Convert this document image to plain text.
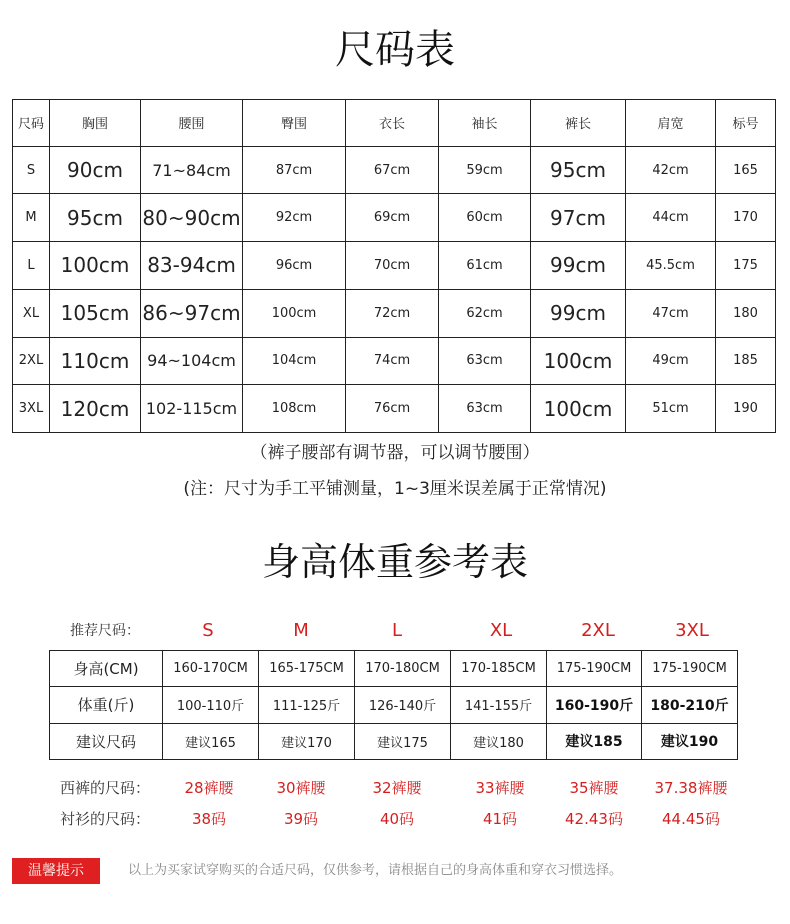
尺码表
尺码	胸围	腰围	臀围	衣长	袖长	裤长	肩宽	标号
S	90cm	71~84cm	87cm	67cm	59cm	95cm	42cm	165
M	95cm	80~90cm	92cm	69cm	60cm	97cm	44cm	170
L	100cm	83-94cm	96cm	70cm	61cm	99cm	45.5cm	175
XL	105cm	86~97cm	100cm	72cm	62cm	99cm	47cm	180
2XL	110cm	94~104cm	104cm	74cm	63cm	100cm	49cm	185
3XL	120cm	102-115cm	108cm	76cm	63cm	100cm	51cm	190
（裤子腰部有调节器，可以调节腰围）
(注：尺寸为手工平铺测量，1~3厘米误差属于正常情况)
身高体重参考表
推荐尺码：	S	M	L	XL	2XL	3XL
身高(CM)	160-170CM	165-175CM	170-180CM	170-185CM	175-190CM	175-190CM
体重(斤)	100-110斤	111-125斤	126-140斤	141-155斤	160-190斤	180-210斤
建议尺码	建议165	建议170	建议175	建议180	建议185	建议190
西裤的尺码：	28裤腰	30裤腰	32裤腰	33裤腰	35裤腰	37.38裤腰
衬衫的尺码：	38码	39码	40码	41码	42.43码	44.45码
温馨提示	以上为买家试穿购买的合适尺码，仅供参考，请根据自己的身高体重和穿衣习惯选择。
